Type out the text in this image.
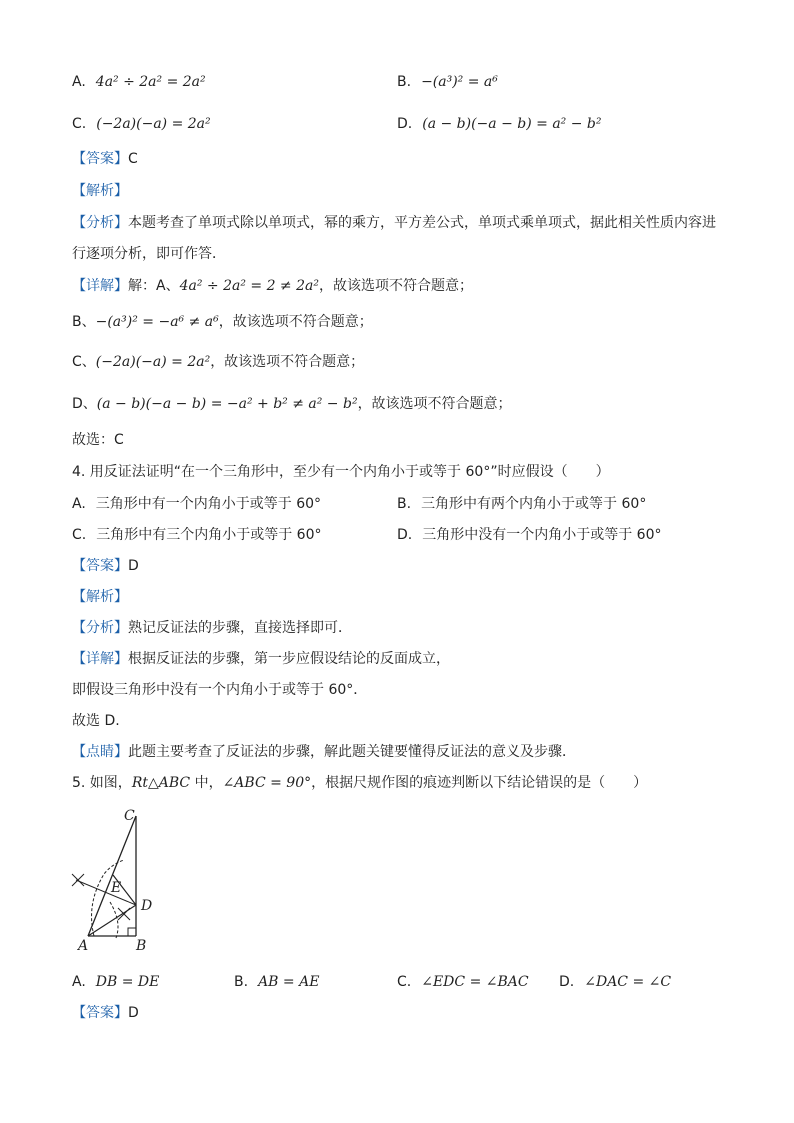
A. 4a² ÷ 2a² = 2a²	B. −(a³)² = a⁶
C. (−2a)(−a) = 2a²	D. (a − b)(−a − b) = a² − b²
【答案】C
【解析】
【分析】本题考查了单项式除以单项式，幂的乘方，平方差公式，单项式乘单项式，据此相关性质内容进
行逐项分析，即可作答．
【详解】解：A、4a² ÷ 2a² = 2 ≠ 2a²，故该选项不符合题意；
B、−(a³)² = −a⁶ ≠ a⁶，故该选项不符合题意；
C、(−2a)(−a) = 2a²，故该选项不符合题意；
D、(a − b)(−a − b) = −a² + b² ≠ a² − b²，故该选项不符合题意；
故选：C
4. 用反证法证明“在一个三角形中，至少有一个内角小于或等于 60°”时应假设（　　）
A. 三角形中有一个内角小于或等于 60°	B. 三角形中有两个内角小于或等于 60°
C. 三角形中有三个内角小于或等于 60°	D. 三角形中没有一个内角小于或等于 60°
【答案】D
【解析】
【分析】熟记反证法的步骤，直接选择即可．
【详解】根据反证法的步骤，第一步应假设结论的反面成立，
即假设三角形中没有一个内角小于或等于 60°．
故选 D.
【点睛】此题主要考查了反证法的步骤，解此题关键要懂得反证法的意义及步骤．
5. 如图，Rt△ABC 中，∠ABC = 90°，根据尺规作图的痕迹判断以下结论错误的是（　　）
C
E
D
A	B
A. DB = DE	B. AB = AE	C. ∠EDC = ∠BAC D. ∠DAC = ∠C
【答案】D
